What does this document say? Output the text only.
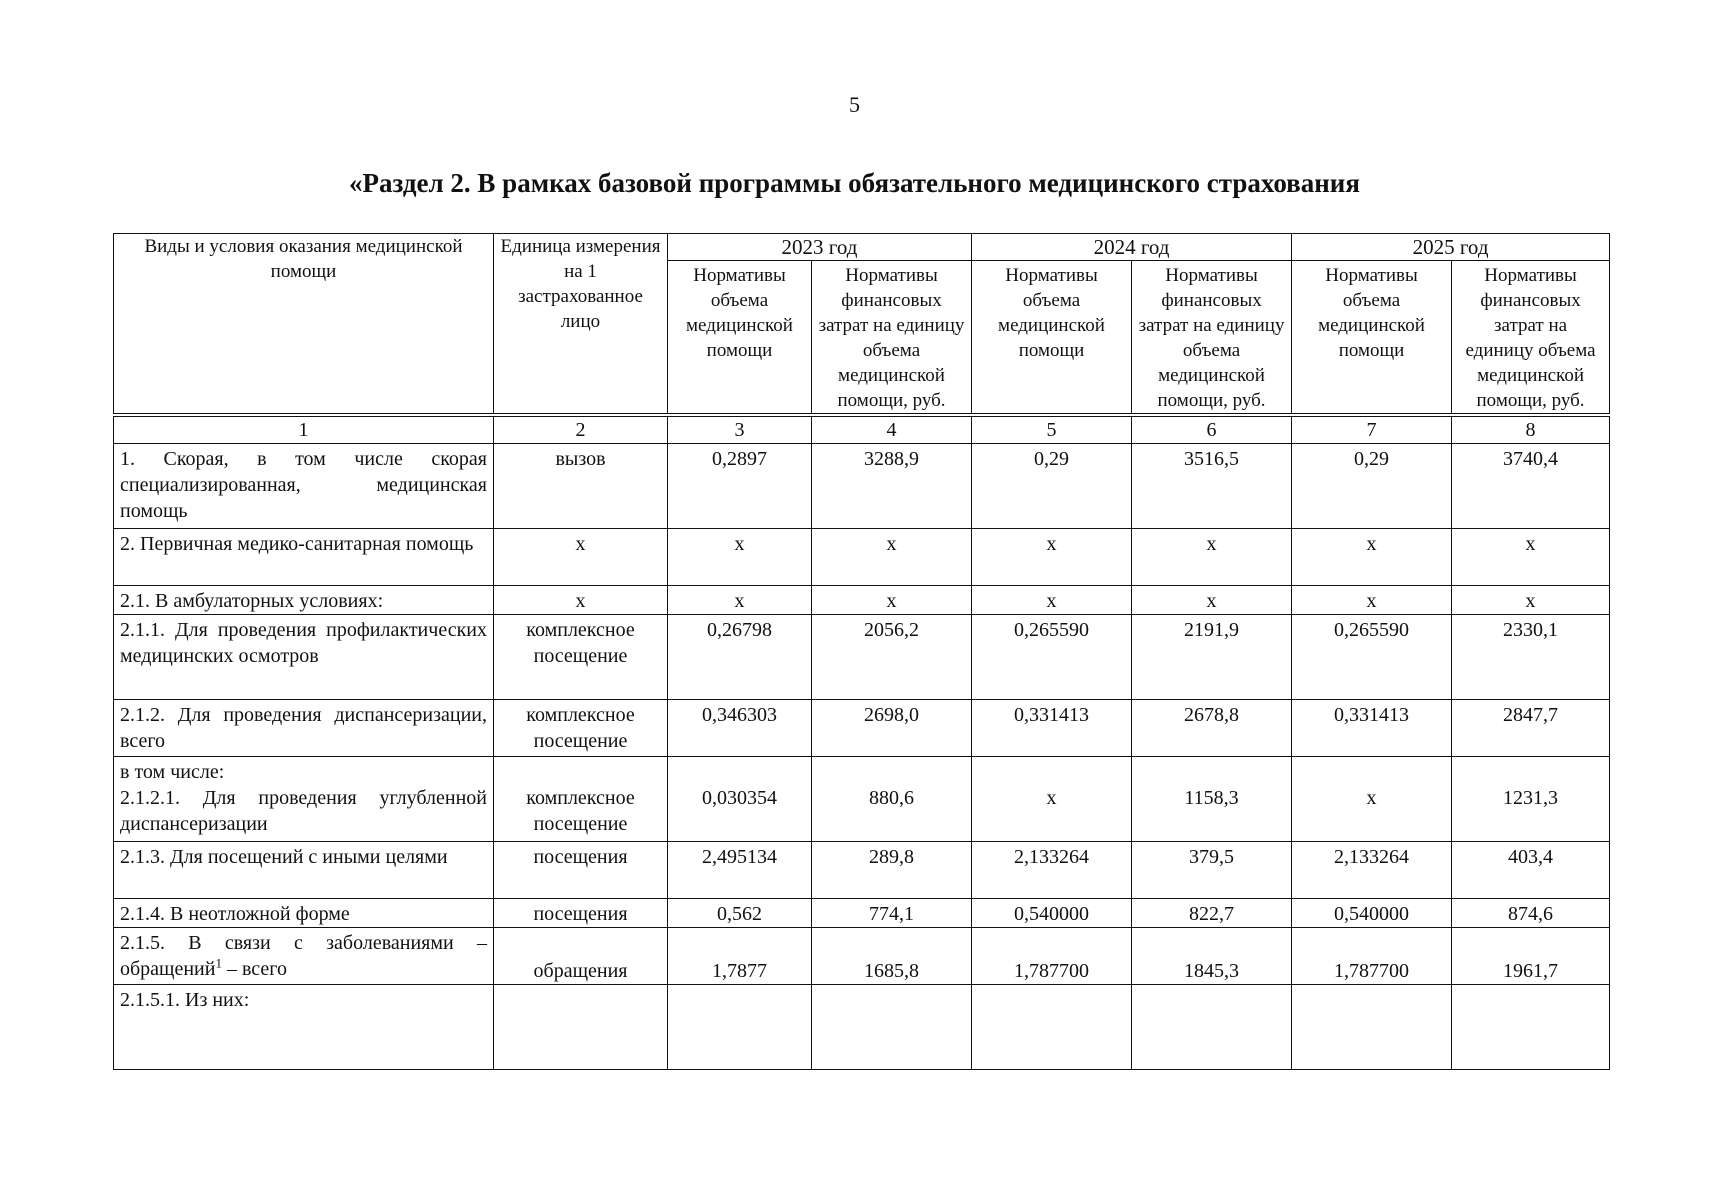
5
«Раздел 2. В рамках базовой программы обязательного медицинского страхования
Виды и условия оказания медицинской помощи	Единица измерения на 1 застрахованное лицо	2023 год		2024 год		2025 год	
		Нормативы объема медицинской помощи	Нормативы финансовых затрат на единицу объема медицинской помощи, руб.	Нормативы объема медицинской помощи	Нормативы финансовых затрат на единицу объема медицинской помощи, руб.	Нормативы объема медицинской помощи	Нормативы финансовых затрат на единицу объема медицинской помощи, руб.
1	2	3	4	5	6	7	8
1. Скорая, в том числе скорая специализированная, медицинская помощь	вызов	0,2897	3288,9	0,29	3516,5	0,29	3740,4
2. Первичная медико-санитарная помощь	х	х	х	х	х	х	х
2.1. В амбулаторных условиях:	х	х	х	х	х	х	х
2.1.1. Для проведения профилактических медицинских осмотров	комплексное посещение	0,26798	2056,2	0,265590	2191,9	0,265590	2330,1
2.1.2. Для проведения диспансеризации, всего	комплексное посещение	0,346303	2698,0	0,331413	2678,8	0,331413	2847,7

в том числе:
2.1.2.1. Для проведения углубленной диспансеризации	комплексное посещение	0,030354	880,6	х	1158,3	х	1231,3
2.1.3. Для посещений с иными целями	посещения	2,495134	289,8	2,133264	379,5	2,133264	403,4
2.1.4. В неотложной форме	посещения	0,562	774,1	0,540000	822,7	0,540000	874,6
2.1.5. В связи с заболеваниями – обращений$^1$ – всего	обращения	1,7877	1685,8	1,787700	1845,3	1,787700	1961,7
2.1.5.1. Из них:							
